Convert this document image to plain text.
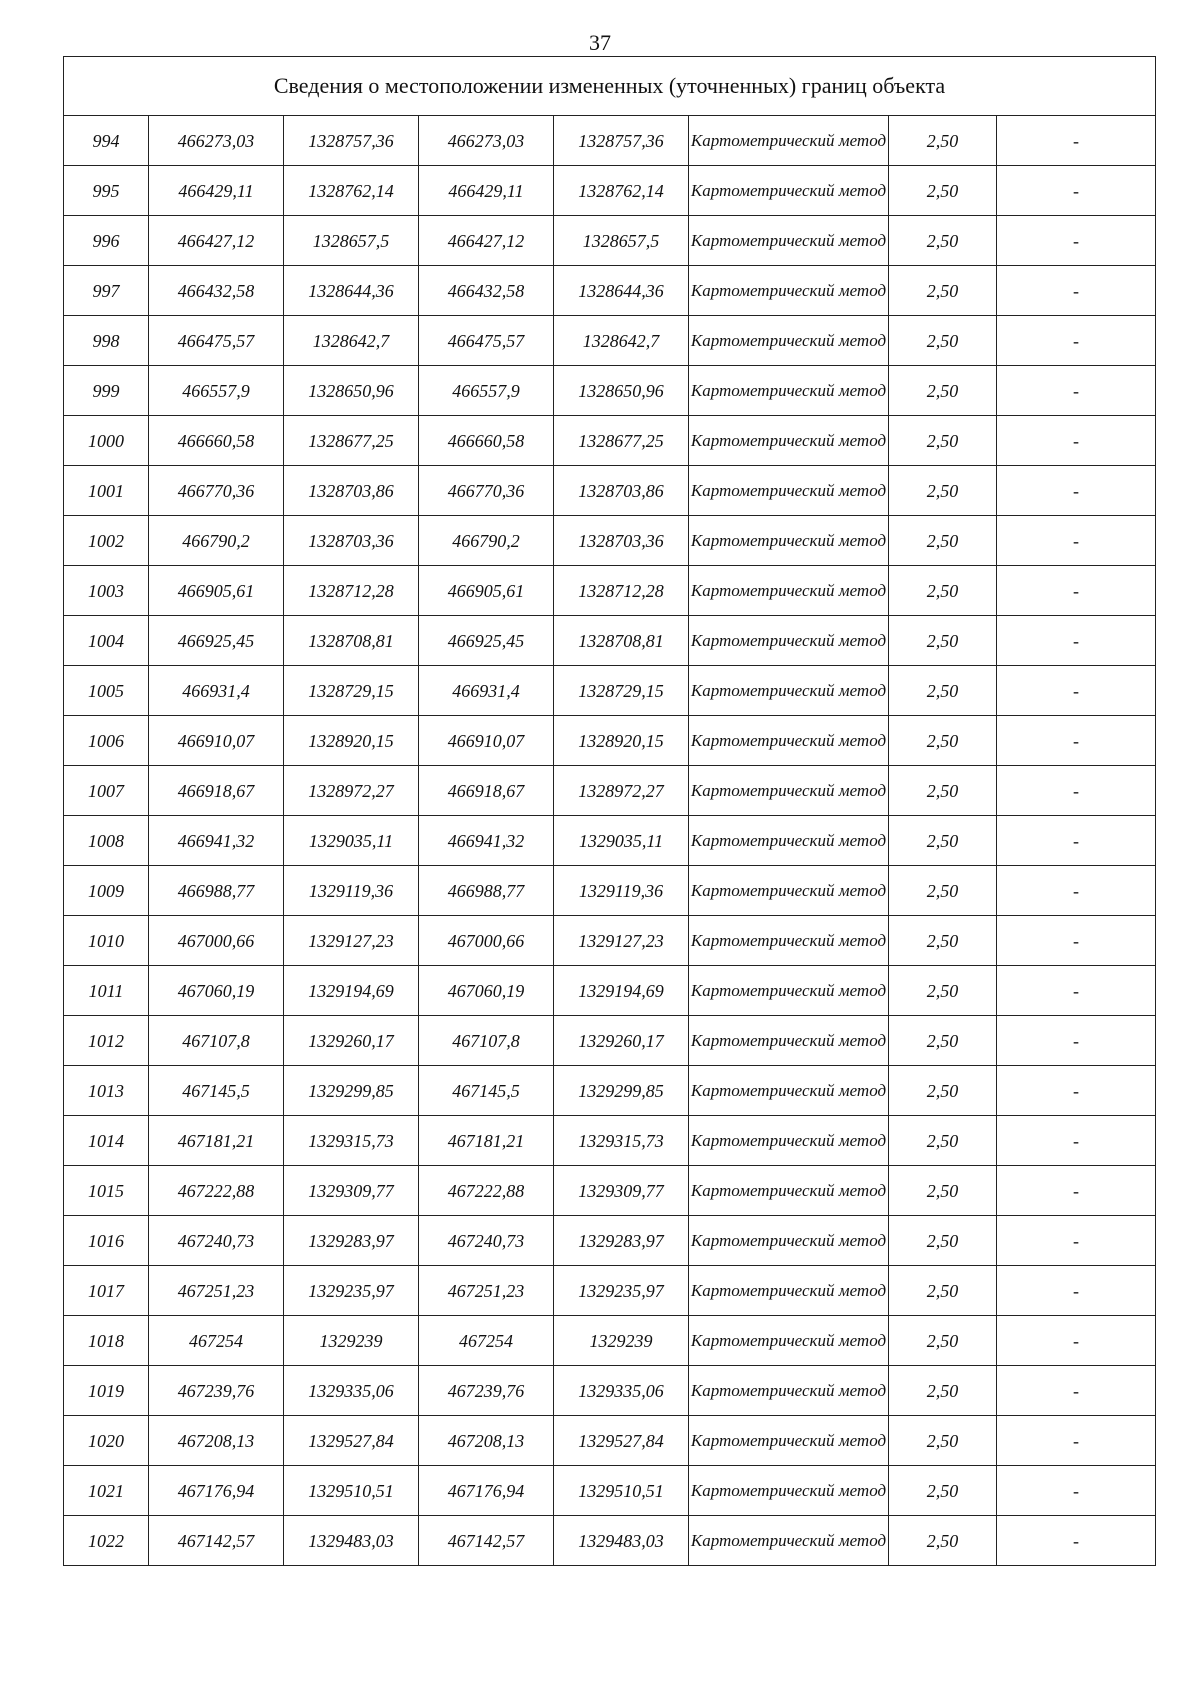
37
Сведения о местоположении измененных (уточненных) границ объекта							
994	466273,03	1328757,36	466273,03	1328757,36	Картометрический метод	2,50	-
995	466429,11	1328762,14	466429,11	1328762,14	Картометрический метод	2,50	-
996	466427,12	1328657,5	466427,12	1328657,5	Картометрический метод	2,50	-
997	466432,58	1328644,36	466432,58	1328644,36	Картометрический метод	2,50	-
998	466475,57	1328642,7	466475,57	1328642,7	Картометрический метод	2,50	-
999	466557,9	1328650,96	466557,9	1328650,96	Картометрический метод	2,50	-
1000	466660,58	1328677,25	466660,58	1328677,25	Картометрический метод	2,50	-
1001	466770,36	1328703,86	466770,36	1328703,86	Картометрический метод	2,50	-
1002	466790,2	1328703,36	466790,2	1328703,36	Картометрический метод	2,50	-
1003	466905,61	1328712,28	466905,61	1328712,28	Картометрический метод	2,50	-
1004	466925,45	1328708,81	466925,45	1328708,81	Картометрический метод	2,50	-
1005	466931,4	1328729,15	466931,4	1328729,15	Картометрический метод	2,50	-
1006	466910,07	1328920,15	466910,07	1328920,15	Картометрический метод	2,50	-
1007	466918,67	1328972,27	466918,67	1328972,27	Картометрический метод	2,50	-
1008	466941,32	1329035,11	466941,32	1329035,11	Картометрический метод	2,50	-
1009	466988,77	1329119,36	466988,77	1329119,36	Картометрический метод	2,50	-
1010	467000,66	1329127,23	467000,66	1329127,23	Картометрический метод	2,50	-
1011	467060,19	1329194,69	467060,19	1329194,69	Картометрический метод	2,50	-
1012	467107,8	1329260,17	467107,8	1329260,17	Картометрический метод	2,50	-
1013	467145,5	1329299,85	467145,5	1329299,85	Картометрический метод	2,50	-
1014	467181,21	1329315,73	467181,21	1329315,73	Картометрический метод	2,50	-
1015	467222,88	1329309,77	467222,88	1329309,77	Картометрический метод	2,50	-
1016	467240,73	1329283,97	467240,73	1329283,97	Картометрический метод	2,50	-
1017	467251,23	1329235,97	467251,23	1329235,97	Картометрический метод	2,50	-
1018	467254	1329239	467254	1329239	Картометрический метод	2,50	-
1019	467239,76	1329335,06	467239,76	1329335,06	Картометрический метод	2,50	-
1020	467208,13	1329527,84	467208,13	1329527,84	Картометрический метод	2,50	-
1021	467176,94	1329510,51	467176,94	1329510,51	Картометрический метод	2,50	-
1022	467142,57	1329483,03	467142,57	1329483,03	Картометрический метод	2,50	-
